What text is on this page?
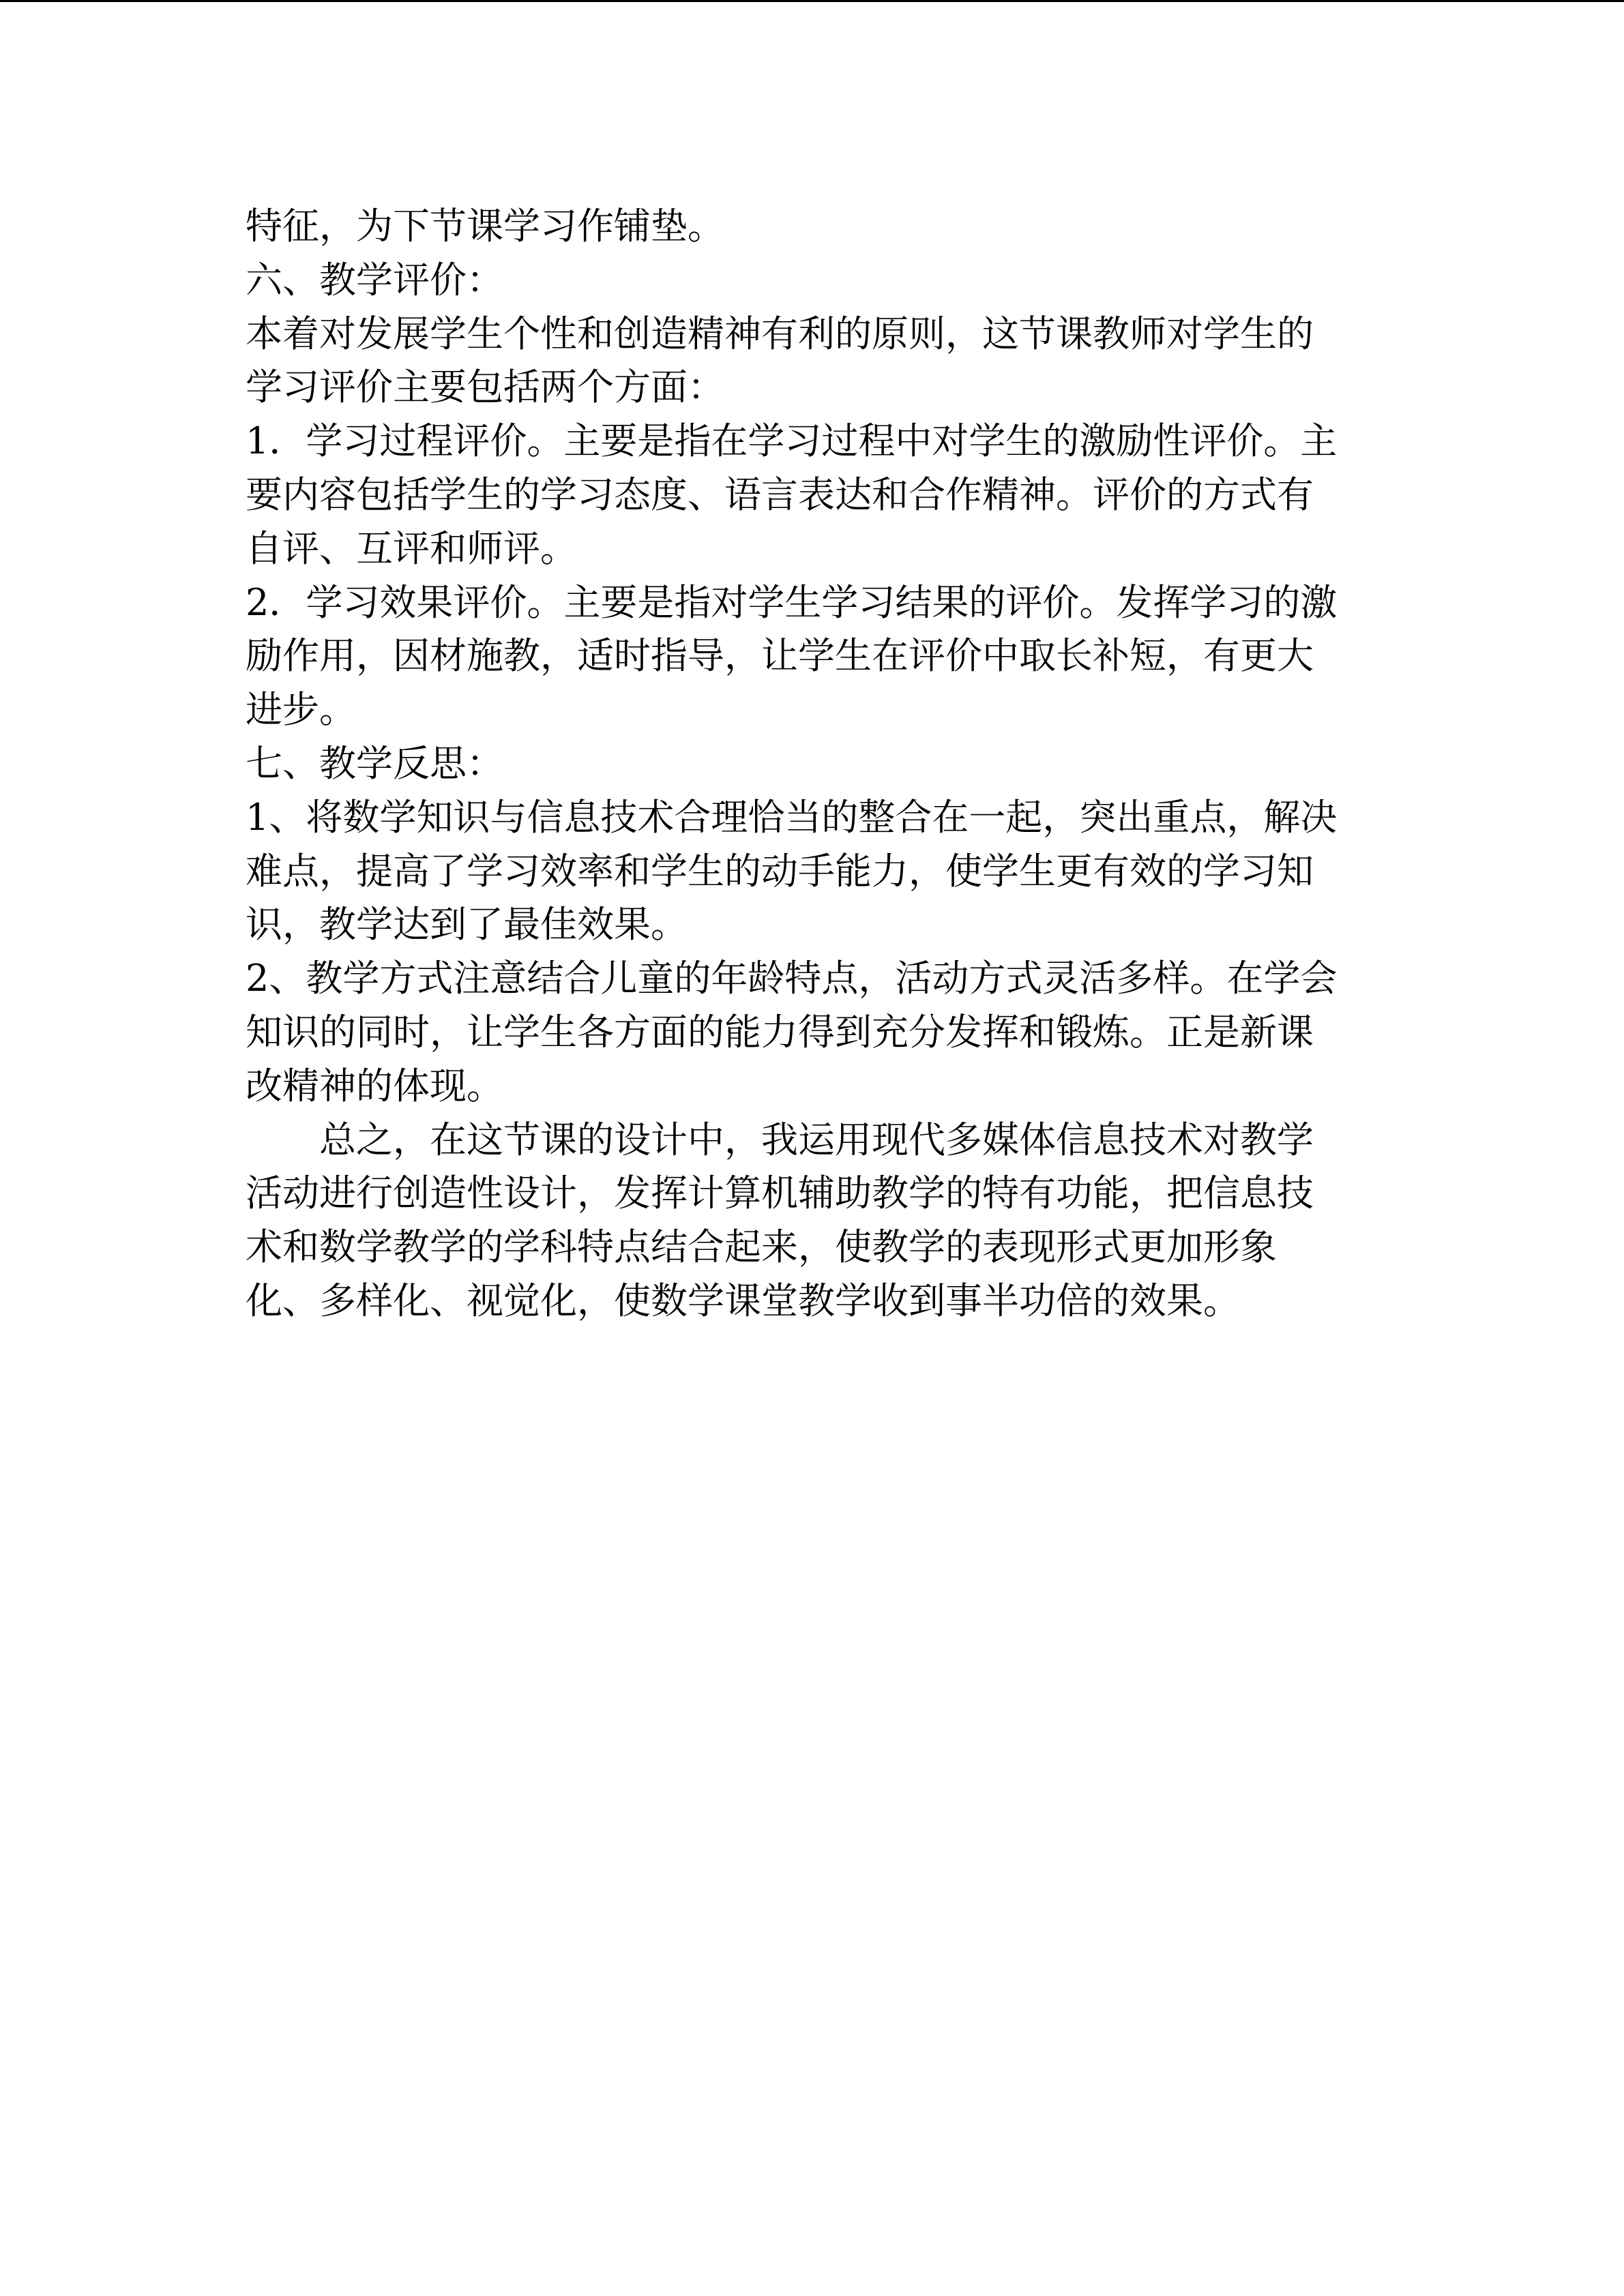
特征，为下节课学习作铺垫。
六、教学评价：
本着对发展学生个性和创造精神有利的原则，这节课教师对学生的
学习评价主要包括两个方面：
1．学习过程评价。主要是指在学习过程中对学生的激励性评价。主
要内容包括学生的学习态度、语言表达和合作精神。评价的方式有
自评、互评和师评。
2．学习效果评价。主要是指对学生学习结果的评价。发挥学习的激
励作用，因材施教，适时指导，让学生在评价中取长补短，有更大
进步。
七、教学反思：
1、将数学知识与信息技术合理恰当的整合在一起，突出重点，解决
难点，提高了学习效率和学生的动手能力，使学生更有效的学习知
识，教学达到了最佳效果。
2、教学方式注意结合儿童的年龄特点，活动方式灵活多样。在学会
知识的同时，让学生各方面的能力得到充分发挥和锻炼。正是新课
改精神的体现。
总之，在这节课的设计中，我运用现代多媒体信息技术对教学
活动进行创造性设计，发挥计算机辅助教学的特有功能，把信息技
术和数学教学的学科特点结合起来，使教学的表现形式更加形象
化、多样化、视觉化，使数学课堂教学收到事半功倍的效果。
